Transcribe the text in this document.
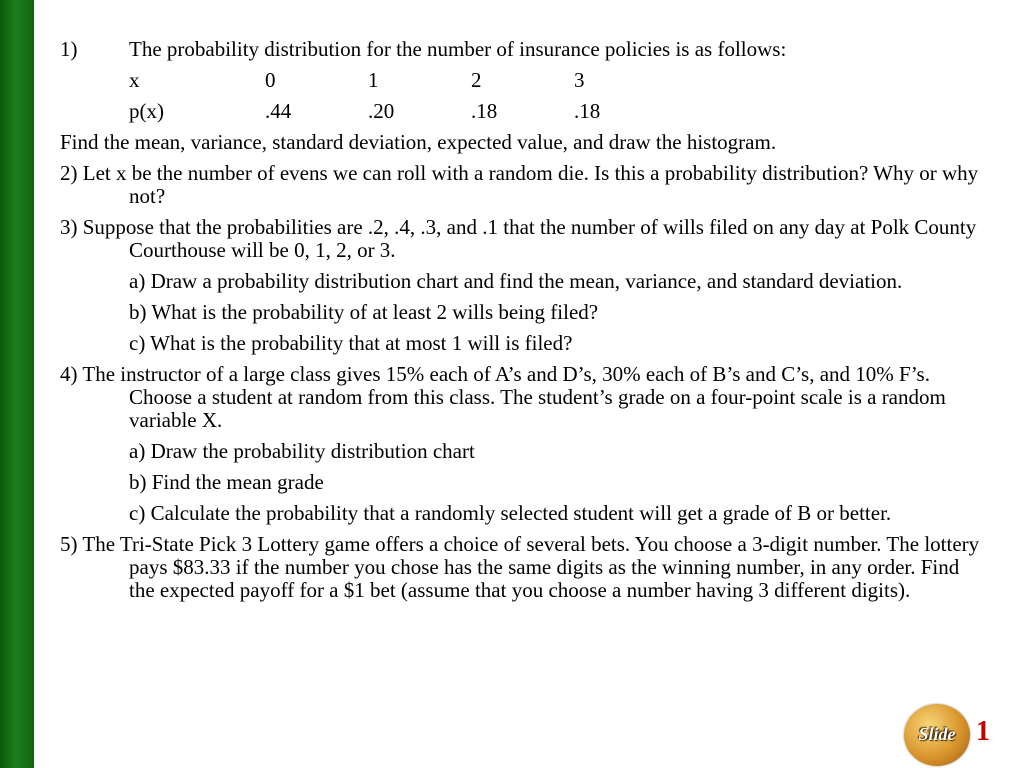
1)	The probability distribution for the number of insurance policies is as follows:
x	0	1	2	3
p(x)	.44	.20	.18	.18

Find the mean, variance, standard deviation, expected value, and draw the histogram.

2) Let x be the number of evens we can roll with a random die. Is this a probability distribution? Why or why not?

3) Suppose that the probabilities are .2, .4, .3, and .1 that the number of wills filed on any day at Polk County Courthouse will be 0, 1, 2, or 3.

a) Draw a probability distribution chart and find the mean, variance, and standard deviation.

b) What is the probability of at least 2 wills being filed?

c) What is the probability that at most 1 will is filed?

4) The instructor of a large class gives 15% each of A’s and D’s, 30% each of B’s and C’s, and 10% F’s. Choose a student at random from this class. The student’s grade on a four-point scale is a random variable X.

a) Draw the probability distribution chart

b) Find the mean grade

c) Calculate the probability that a randomly selected student will get a grade of B or better.

5) The Tri-State Pick 3 Lottery game offers a choice of several bets. You choose a 3-digit number. The lottery pays $83.33 if the number you chose has the same digits as the winning number, in any order. Find the expected payoff for a $1 bet (assume that you choose a number having 3 different digits).

Slide 1
